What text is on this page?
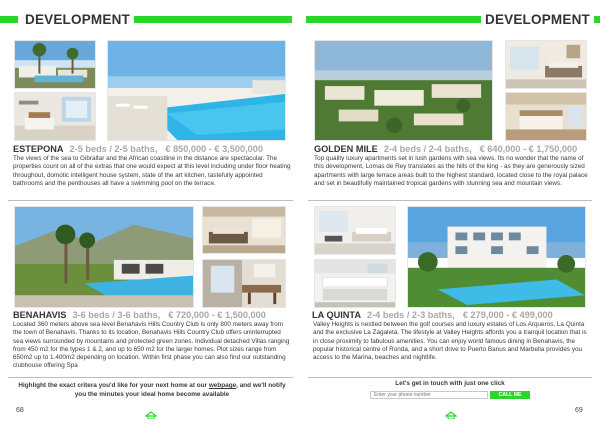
DEVELOPMENT
ESTEPONA 2-5 beds / 2-5 baths, € 850,000 - € 3,500,000
The views of the sea to Gibraltar and the African coastline in the distance are spectacular. The properties count on all of the extras that one would expect at this level including under floor heating throughout, domotic intelligent house system, state of the art kitchen, tastefully appointed bathrooms and the penthouses all have a swimming pool on the terrace.
BENAHAVIS 3-6 beds / 3-6 baths, € 720,000 - € 1,500,000
Located 360 meters above sea level Benahavis Hills Country Club is only 800 meters away from the town of Benahavis. Thanks to its location, Benahavis Hills Country Club offers uninterrupted sea views surrounded by mountains and protected green zones. Individual detached Villas ranging from 450 m2 for the types 1 & 2, and up to 650 m2 for the larger homes. Plot sizes range from 650m2 up to 1.400m2 depending on location. Within first phase you can also find our outstanding clubhouse offering Spa
Highlight the exact critera you'd like for your next home at our webpage, and we'll notify you the minutes your ideal home become available
68
DEVELOPMENT
GOLDEN MILE 2-4 beds / 2-4 baths, € 640,000 - € 1,750,000
Top quality luxury apartments set in lush gardens with sea views. Its no wonder that the name of this development, Lomas de Rey translates as the hills of the king - as they are generously sized apartments with large terrace areas built to the highest standard, located close to the royal palace and set in beautifully maintained tropical gardens with stunning sea and mountain views.
LA QUINTA 2-4 beds / 2-3 baths, € 279,000 - € 499,000
Valley Heights is nestled between the golf courses and luxury estates of Los Arqueros, La Quinta and the exclusive La Zagaleta. The lifestyle at Valley Heights affords you a tranquil location that is in close proximity to fabulous amenities. You can enjoy world famous dining in Benahavis, the popular historical centre of Ronda, and a short drive to Puerto Banus and Marbella provides you access to the Marina, beaches and nightlife.
Let's get in touch with just one click
Enter your phone number
CALL ME
69
